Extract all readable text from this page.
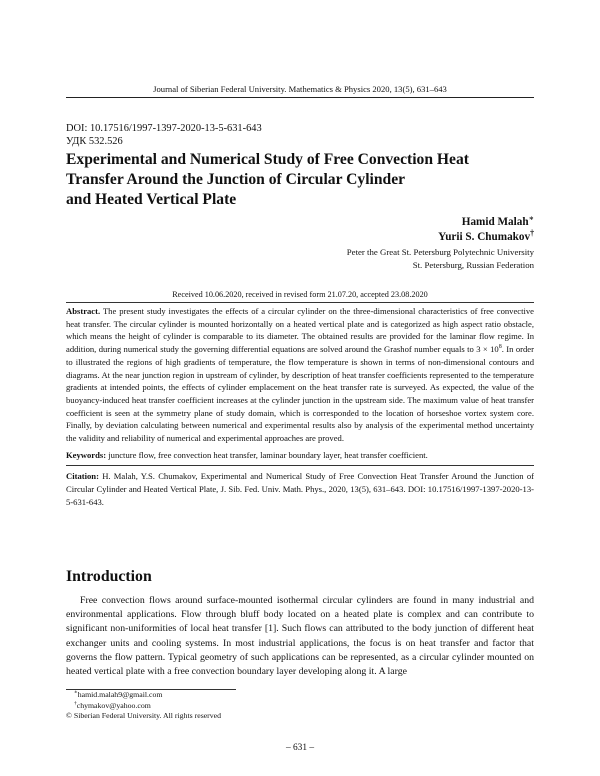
Journal of Siberian Federal University. Mathematics & Physics 2020, 13(5), 631–643
DOI: 10.17516/1997-1397-2020-13-5-631-643
УДК 532.526
Experimental and Numerical Study of Free Convection Heat
Transfer Around the Junction of Circular Cylinder
and Heated Vertical Plate
Hamid Malah∗
Yurii S. Chumakov†
Peter the Great St. Petersburg Polytechnic University
St. Petersburg, Russian Federation
Received 10.06.2020, received in revised form 21.07.20, accepted 23.08.2020

Abstract. The present study investigates the effects of a circular cylinder on the three-dimensional characteristics of free convective heat transfer. The circular cylinder is mounted horizontally on a heated vertical plate and is categorized as high aspect ratio obstacle, which means the height of cylinder is comparable to its diameter. The obtained results are provided for the laminar flow regime. In addition, during numerical study the governing differential equations are solved around the Grashof number equals to $3 \times 10^8$. In order to illustrated the regions of high gradients of temperature, the flow temperature is shown in terms of non-dimensional contours and diagrams. At the near junction region in upstream of cylinder, by description of heat transfer coefficients represented to the temperature gradients at intended points, the effects of cylinder emplacement on the heat transfer rate is surveyed. As expected, the value of the buoyancy-induced heat transfer coefficient increases at the cylinder junction in the upstream side. The maximum value of heat transfer coefficient is seen at the symmetry plane of study domain, which is corresponded to the location of horseshoe vortex system core. Finally, by deviation calculating between numerical and experimental results also by analysis of the experimental method uncertainty the validity and reliability of numerical and experimental approaches are proved.

Keywords: juncture flow, free convection heat transfer, laminar boundary layer, heat transfer coefficient.

Citation: H. Malah, Y.S. Chumakov, Experimental and Numerical Study of Free Convection Heat Transfer Around the Junction of Circular Cylinder and Heated Vertical Plate, J. Sib. Fed. Univ. Math. Phys., 2020, 13(5), 631–643. DOI: 10.17516/1997-1397-2020-13-5-631-643.

Introduction

Free convection flows around surface-mounted isothermal circular cylinders are found in many industrial and environmental applications. Flow through bluff body located on a heated plate is complex and can contribute to significant non-uniformities of local heat transfer [1]. Such flows can attributed to the body junction of different heat exchanger units and cooling systems. In most industrial applications, the focus is on heat transfer and factor that governs the flow pattern. Typical geometry of such applications can be represented, as a circular cylinder mounted on heated vertical plate with a free convection boundary layer developing along it. A large

∗hamid.malah9@gmail.com
†chymakov@yahoo.com
© Siberian Federal University. All rights reserved
– 631 –
